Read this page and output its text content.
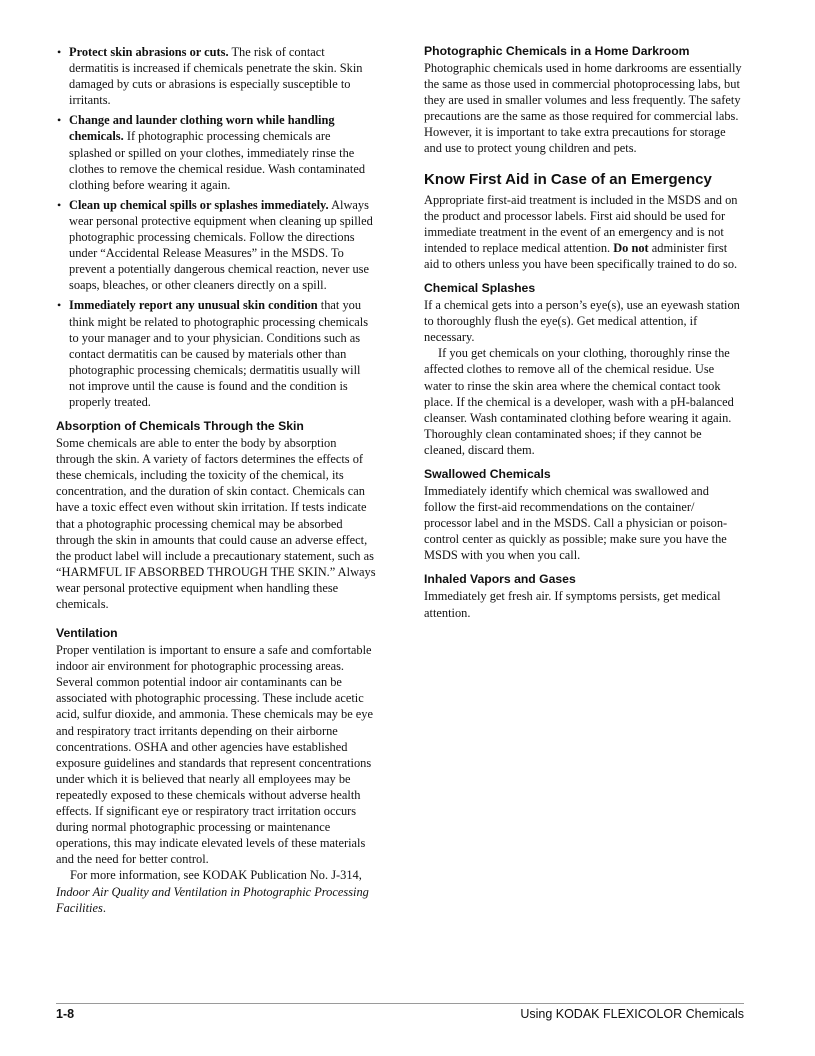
• Protect skin abrasions or cuts. The risk of contact dermatitis is increased if chemicals penetrate the skin. Skin damaged by cuts or abrasions is especially susceptible to irritants.
• Change and launder clothing worn while handling chemicals. If photographic processing chemicals are splashed or spilled on your clothes, immediately rinse the clothes to remove the chemical residue. Wash contaminated clothing before wearing it again.
• Clean up chemical spills or splashes immediately. Always wear personal protective equipment when cleaning up spilled photographic processing chemicals. Follow the directions under “Accidental Release Measures” in the MSDS. To prevent a potentially dangerous chemical reaction, never use soaps, bleaches, or other cleaners directly on a spill.
• Immediately report any unusual skin condition that you think might be related to photographic processing chemicals to your manager and to your physician. Conditions such as contact dermatitis can be caused by materials other than photographic processing chemicals; dermatitis usually will not improve until the cause is found and the condition is properly treated.
Absorption of Chemicals Through the Skin

Some chemicals are able to enter the body by absorption through the skin. A variety of factors determines the effects of these chemicals, including the toxicity of the chemical, its concentration, and the duration of skin contact. Chemicals can have a toxic effect even without skin irritation. If tests indicate that a photographic processing chemical may be absorbed through the skin in amounts that could cause an adverse effect, the product label will include a precautionary statement, such as “HARMFUL IF ABSORBED THROUGH THE SKIN.” Always wear personal protective equipment when handling these chemicals.

Ventilation

Proper ventilation is important to ensure a safe and comfortable indoor air environment for photographic processing areas. Several common potential indoor air contaminants can be associated with photographic processing. These include acetic acid, sulfur dioxide, and ammonia. These chemicals may be eye and respiratory tract irritants depending on their airborne concentrations. OSHA and other agencies have established exposure guidelines and standards that represent concentrations under which it is believed that nearly all employees may be repeatedly exposed to these chemicals without adverse health effects. If significant eye or respiratory tract irritation occurs during normal photographic processing or maintenance operations, this may indicate elevated levels of these materials and the need for better control.

For more information, see KODAK Publication No. J-314, Indoor Air Quality and Ventilation in Photographic Processing Facilities.

Photographic Chemicals in a Home Darkroom

Photographic chemicals used in home darkrooms are essentially the same as those used in commercial photoprocessing labs, but they are used in smaller volumes and less frequently. The safety precautions are the same as those required for commercial labs. However, it is important to take extra precautions for storage and use to protect young children and pets.

Know First Aid in Case of an Emergency

Appropriate first-aid treatment is included in the MSDS and on the product and processor labels. First aid should be used for immediate treatment in the event of an emergency and is not intended to replace medical attention. Do not administer first aid to others unless you have been specifically trained to do so.

Chemical Splashes

If a chemical gets into a person’s eye(s), use an eyewash station to thoroughly flush the eye(s). Get medical attention, if necessary.

If you get chemicals on your clothing, thoroughly rinse the affected clothes to remove all of the chemical residue. Use water to rinse the skin area where the chemical contact took place. If the chemical is a developer, wash with a pH-balanced cleanser. Wash contaminated clothing before wearing it again. Thoroughly clean contaminated shoes; if they cannot be cleaned, discard them.

Swallowed Chemicals

Immediately identify which chemical was swallowed and follow the first-aid recommendations on the container/ processor label and in the MSDS. Call a physician or poison-control center as quickly as possible; make sure you have the MSDS with you when you call.

Inhaled Vapors and Gases

Immediately get fresh air. If symptoms persists, get medical attention.

1-8	Using KODAK FLEXICOLOR Chemicals
